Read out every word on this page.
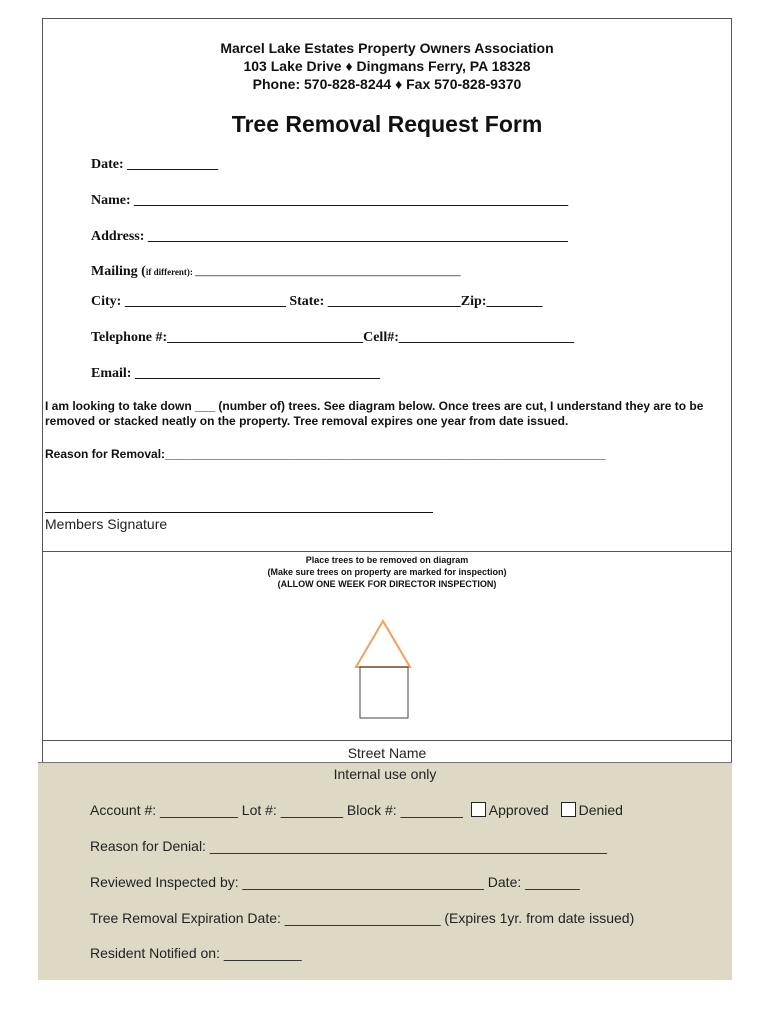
Marcel Lake Estates Property Owners Association
103 Lake Drive ♦ Dingmans Ferry, PA 18328
Phone: 570-828-8244 ♦ Fax 570-828-9370
Tree Removal Request Form
Date: _____________
Name: ______________________________________________________________
Address: ____________________________________________________________
Mailing (if different): ___________________________________________________________
City: _______________________ State: ___________________Zip:________
Telephone #:____________________________Cell#:_________________________
Email: ___________________________________
I am looking to take down ___ (number of) trees. See diagram below. Once trees are cut, I understand they are to be removed or stacked neatly on the property. Tree removal expires one year from date issued.
Reason for Removal:__________________________________________________________________
Members Signature
Place trees to be removed on diagram
(Make sure trees on property are marked for inspection)
(ALLOW ONE WEEK FOR DIRECTOR INSPECTION)
Street Name
Internal use only
Account #: __________ Lot #: ________ Block #: ________ Approved Denied
Reason for Denial: ___________________________________________________
Reviewed Inspected by: _______________________________ Date: _______
Tree Removal Expiration Date: ____________________ (Expires 1yr. from date issued)
Resident Notified on: __________
